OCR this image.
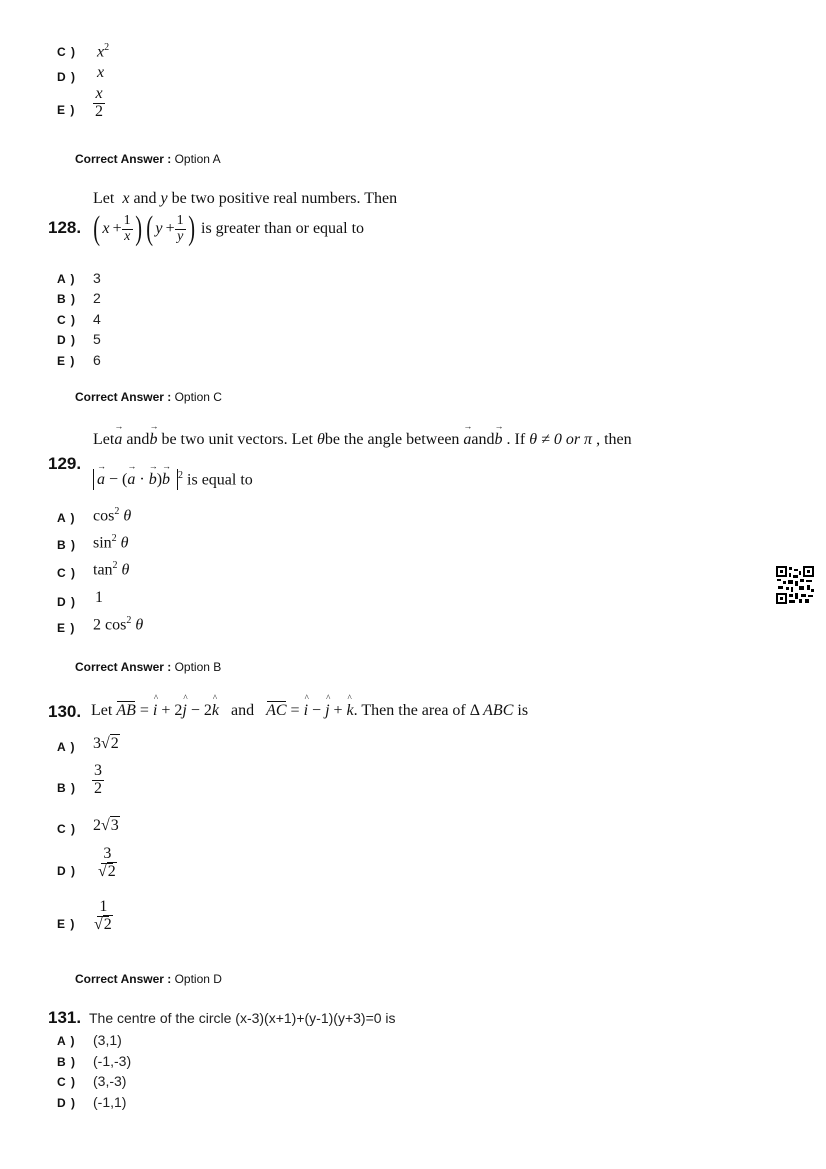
C ) $x^2$
D ) x
E ) $\frac{x}{2}$
Correct Answer : Option A
Let x and y be two positive real numbers. Then
128. ( x
  + $\frac{1}{x}$ ) ( y
  + $\frac{1}{y}$ )
is greater than or equal to
A ) 3
B ) 2
C ) 4
D ) 5
E ) 6
Correct Answer : Option C
Let→ a and→ b be two unit vectors. Let θbe the angle between → aand→ b . If θ ≠ 0 or π , then
129.
→ a − (→ a · → b)→ b $^2$ is equal to
A ) $\cos^2 \theta$
B ) $\sin^2 \theta$
C ) $\tan^2 \theta$
D ) 1
E ) 2 $\cos^2 \theta$
Correct Answer : Option B
130. Let AB = ^ i + 2^ j − 2^ k and AC = ^ i − ^ j + ^ k. Then the area of Δ ABC is
A ) 3√2
B ) $\frac{3}{2}$
C ) 2√3
D ) $\frac{3}{√2}$
E ) $\frac{1}{√2}$
Correct Answer : Option D
131. The centre of the circle (x-3)(x+1)+(y-1)(y+3)=0 is
A ) (3,1)
B ) (-1,-3)
C ) (3,-3)
D ) (-1,1)
